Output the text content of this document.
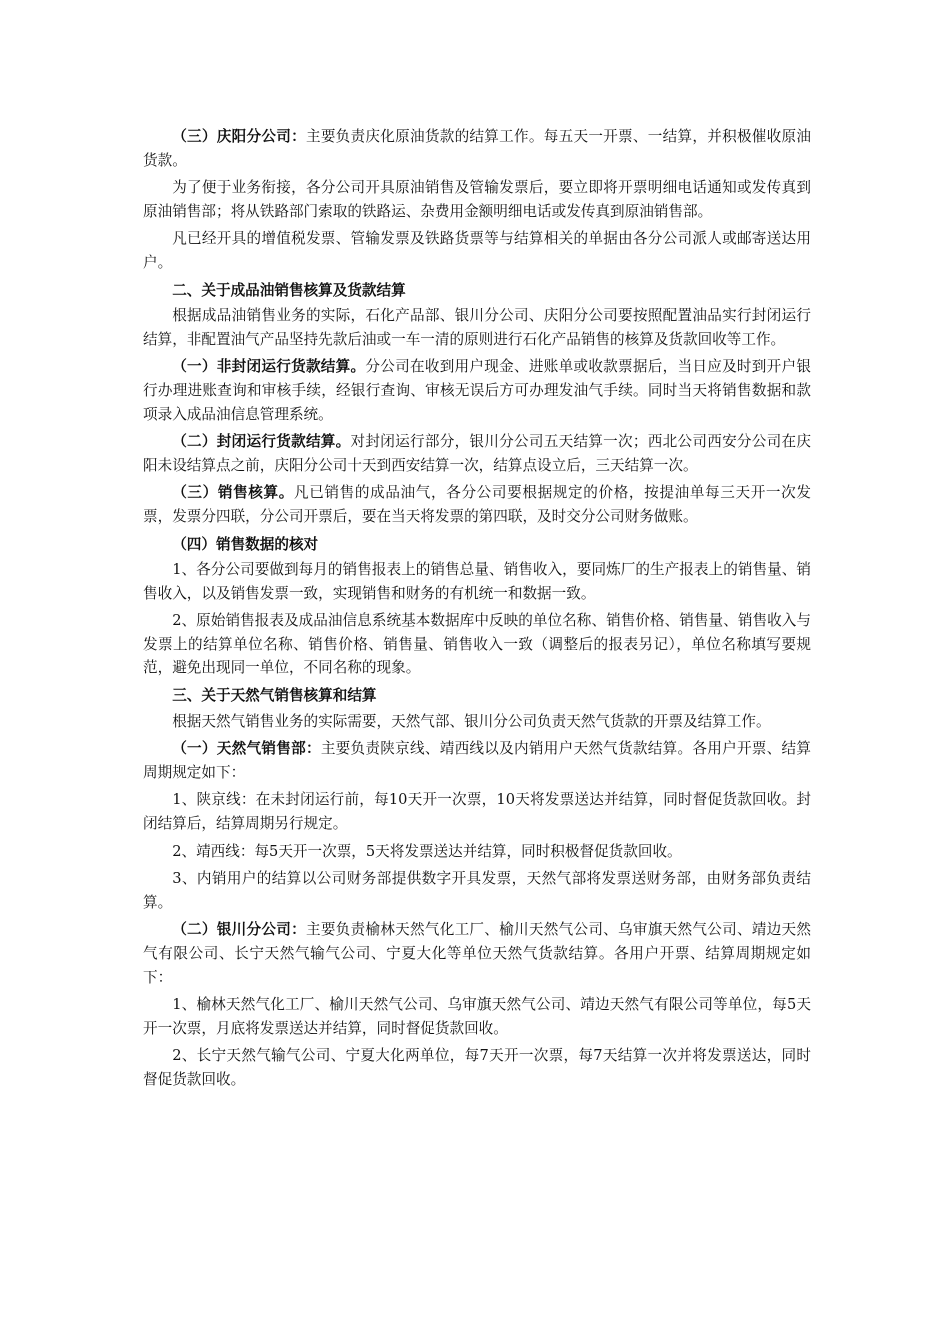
（三）庆阳分公司：主要负责庆化原油货款的结算工作。每五天一开票、一结算，并积极催收原油货款。

为了便于业务衔接，各分公司开具原油销售及管输发票后，要立即将开票明细电话通知或发传真到原油销售部；将从铁路部门索取的铁路运、杂费用金额明细电话或发传真到原油销售部。

凡已经开具的增值税发票、管输发票及铁路货票等与结算相关的单据由各分公司派人或邮寄送达用户。

二、关于成品油销售核算及货款结算

根据成品油销售业务的实际，石化产品部、银川分公司、庆阳分公司要按照配置油品实行封闭运行结算，非配置油气产品坚持先款后油或一车一清的原则进行石化产品销售的核算及货款回收等工作。

（一）非封闭运行货款结算。分公司在收到用户现金、进账单或收款票据后，当日应及时到开户银行办理进账查询和审核手续，经银行查询、审核无误后方可办理发油气手续。同时当天将销售数据和款项录入成品油信息管理系统。

（二）封闭运行货款结算。对封闭运行部分，银川分公司五天结算一次；西北公司西安分公司在庆阳未设结算点之前，庆阳分公司十天到西安结算一次，结算点设立后，三天结算一次。

（三）销售核算。凡已销售的成品油气，各分公司要根据规定的价格，按提油单每三天开一次发票，发票分四联，分公司开票后，要在当天将发票的第四联，及时交分公司财务做账。

（四）销售数据的核对

1、各分公司要做到每月的销售报表上的销售总量、销售收入，要同炼厂的生产报表上的销售量、销售收入，以及销售发票一致，实现销售和财务的有机统一和数据一致。

2、原始销售报表及成品油信息系统基本数据库中反映的单位名称、销售价格、销售量、销售收入与发票上的结算单位名称、销售价格、销售量、销售收入一致（调整后的报表另记），单位名称填写要规范，避免出现同一单位，不同名称的现象。

三、关于天然气销售核算和结算

根据天然气销售业务的实际需要，天然气部、银川分公司负责天然气货款的开票及结算工作。

（一）天然气销售部：主要负责陕京线、靖西线以及内销用户天然气货款结算。各用户开票、结算周期规定如下：

1、陕京线：在未封闭运行前，每10天开一次票，10天将发票送达并结算，同时督促货款回收。封闭结算后，结算周期另行规定。

2、靖西线：每5天开一次票，5天将发票送达并结算，同时积极督促货款回收。

3、内销用户的结算以公司财务部提供数字开具发票，天然气部将发票送财务部，由财务部负责结算。

（二）银川分公司：主要负责榆林天然气化工厂、榆川天然气公司、乌审旗天然气公司、靖边天然气有限公司、长宁天然气输气公司、宁夏大化等单位天然气货款结算。各用户开票、结算周期规定如下：

1、榆林天然气化工厂、榆川天然气公司、乌审旗天然气公司、靖边天然气有限公司等单位，每5天开一次票，月底将发票送达并结算，同时督促货款回收。

2、长宁天然气输气公司、宁夏大化两单位，每7天开一次票，每7天结算一次并将发票送达，同时督促货款回收。
